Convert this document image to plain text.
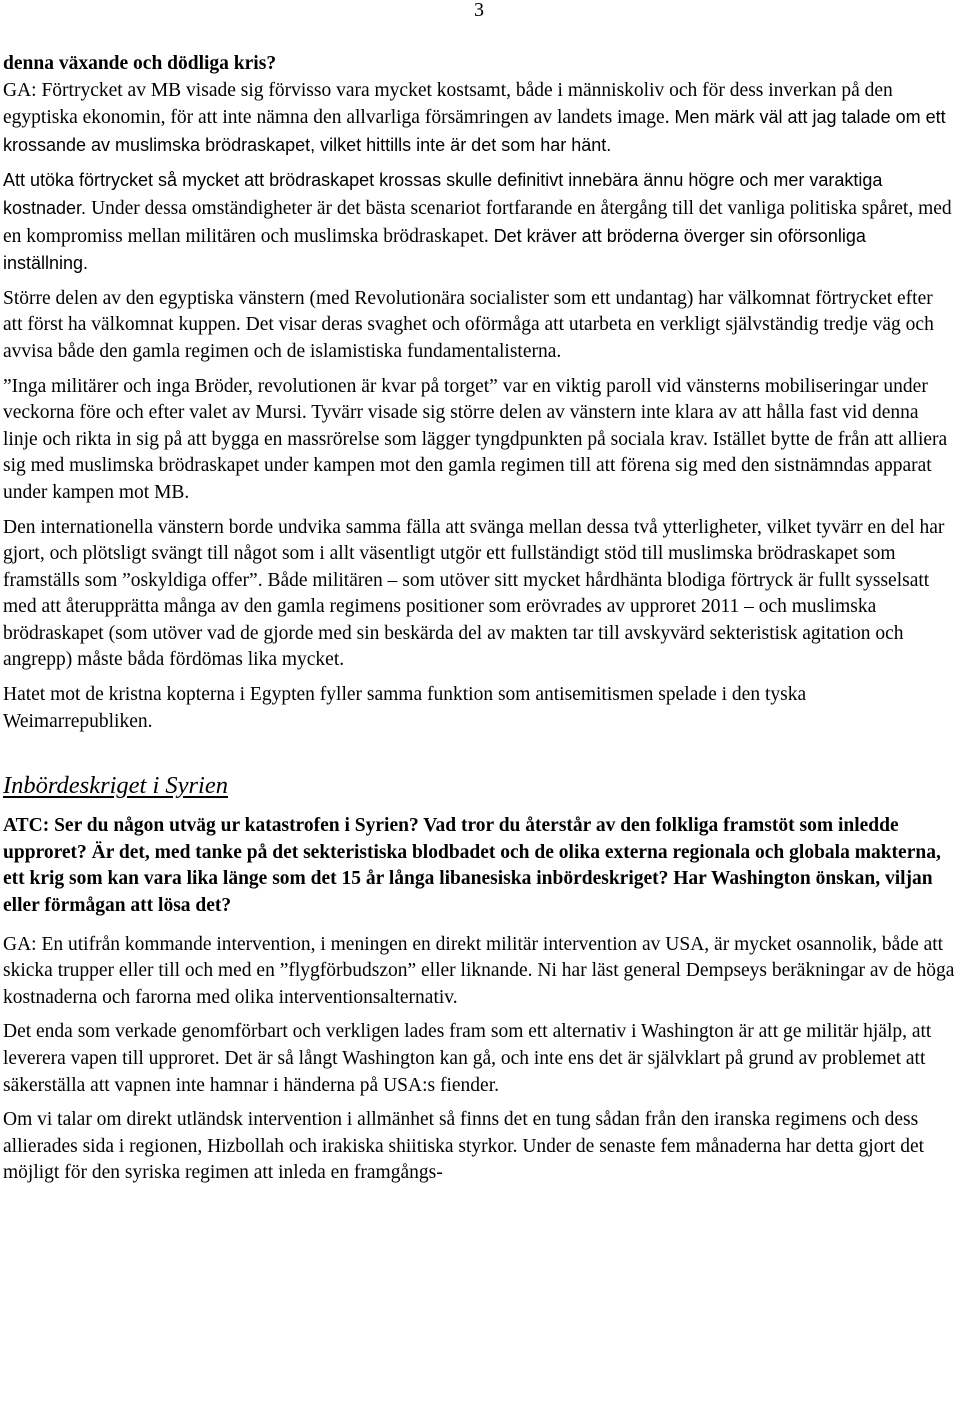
3

denna växande och dödliga kris?

GA: Förtrycket av MB visade sig förvisso vara mycket kostsamt, både i människoliv och för dess inverkan på den egyptiska ekonomin, för att inte nämna den allvarliga försämringen av landets image. Men märk väl att jag talade om ett krossande av muslimska brödraskapet, vilket hittills inte är det som har hänt.

Att utöka förtrycket så mycket att brödraskapet krossas skulle definitivt innebära ännu högre och mer varaktiga kostnader. Under dessa omständigheter är det bästa scenariot fortfarande en återgång till det vanliga politiska spåret, med en kompromiss mellan militären och muslimska brödraskapet. Det kräver att bröderna överger sin oförsonliga inställning.

Större delen av den egyptiska vänstern (med Revolutionära socialister som ett undantag) har välkomnat förtrycket efter att först ha välkomnat kuppen. Det visar deras svaghet och oförmåga att utarbeta en verkligt självständig tredje väg och avvisa både den gamla regimen och de islamistiska fundamentalisterna.

”Inga militärer och inga Bröder, revolutionen är kvar på torget” var en viktig paroll vid vänsterns mobiliseringar under veckorna före och efter valet av Mursi. Tyvärr visade sig större delen av vänstern inte klara av att hålla fast vid denna linje och rikta in sig på att bygga en massrörelse som lägger tyngdpunkten på sociala krav. Istället bytte de från att alliera sig med muslimska brödraskapet under kampen mot den gamla regimen till att förena sig med den sistnämndas apparat under kampen mot MB.

Den internationella vänstern borde undvika samma fälla att svänga mellan dessa två ytterligheter, vilket tyvärr en del har gjort, och plötsligt svängt till något som i allt väsentligt utgör ett fullständigt stöd till muslimska brödraskapet som framställs som ”oskyldiga offer”. Både militären – som utöver sitt mycket hårdhänta blodiga förtryck är fullt sysselsatt med att återupprätta många av den gamla regimens positioner som erövrades av upproret 2011 – och muslimska brödraskapet (som utöver vad de gjorde med sin beskärda del av makten tar till avskyvärd sekteristisk agitation och angrepp) måste båda fördömas lika mycket.

Hatet mot de kristna kopterna i Egypten fyller samma funktion som antisemitismen spelade i den tyska Weimarrepubliken.

Inbördeskriget i Syrien

ATC: Ser du någon utväg ur katastrofen i Syrien? Vad tror du återstår av den folkliga framstöt som inledde upproret? Är det, med tanke på det sekteristiska blodbadet och de olika externa regionala och globala makterna, ett krig som kan vara lika länge som det 15 år långa libanesiska inbördeskriget? Har Washington önskan, viljan eller förmågan att lösa det?

GA: En utifrån kommande intervention, i meningen en direkt militär intervention av USA, är mycket osannolik, både att skicka trupper eller till och med en ”flygförbudszon” eller liknande. Ni har läst general Dempseys beräkningar av de höga kostnaderna och farorna med olika interventionsalternativ.

Det enda som verkade genomförbart och verkligen lades fram som ett alternativ i Washington är att ge militär hjälp, att leverera vapen till upproret. Det är så långt Washington kan gå, och inte ens det är självklart på grund av problemet att säkerställa att vapnen inte hamnar i händerna på USA:s fiender.

Om vi talar om direkt utländsk intervention i allmänhet så finns det en tung sådan från den iranska regimens och dess allierades sida i regionen, Hizbollah och irakiska shiitiska styrkor. Under de senaste fem månaderna har detta gjort det möjligt för den syriska regimen att inleda en framgångs-
